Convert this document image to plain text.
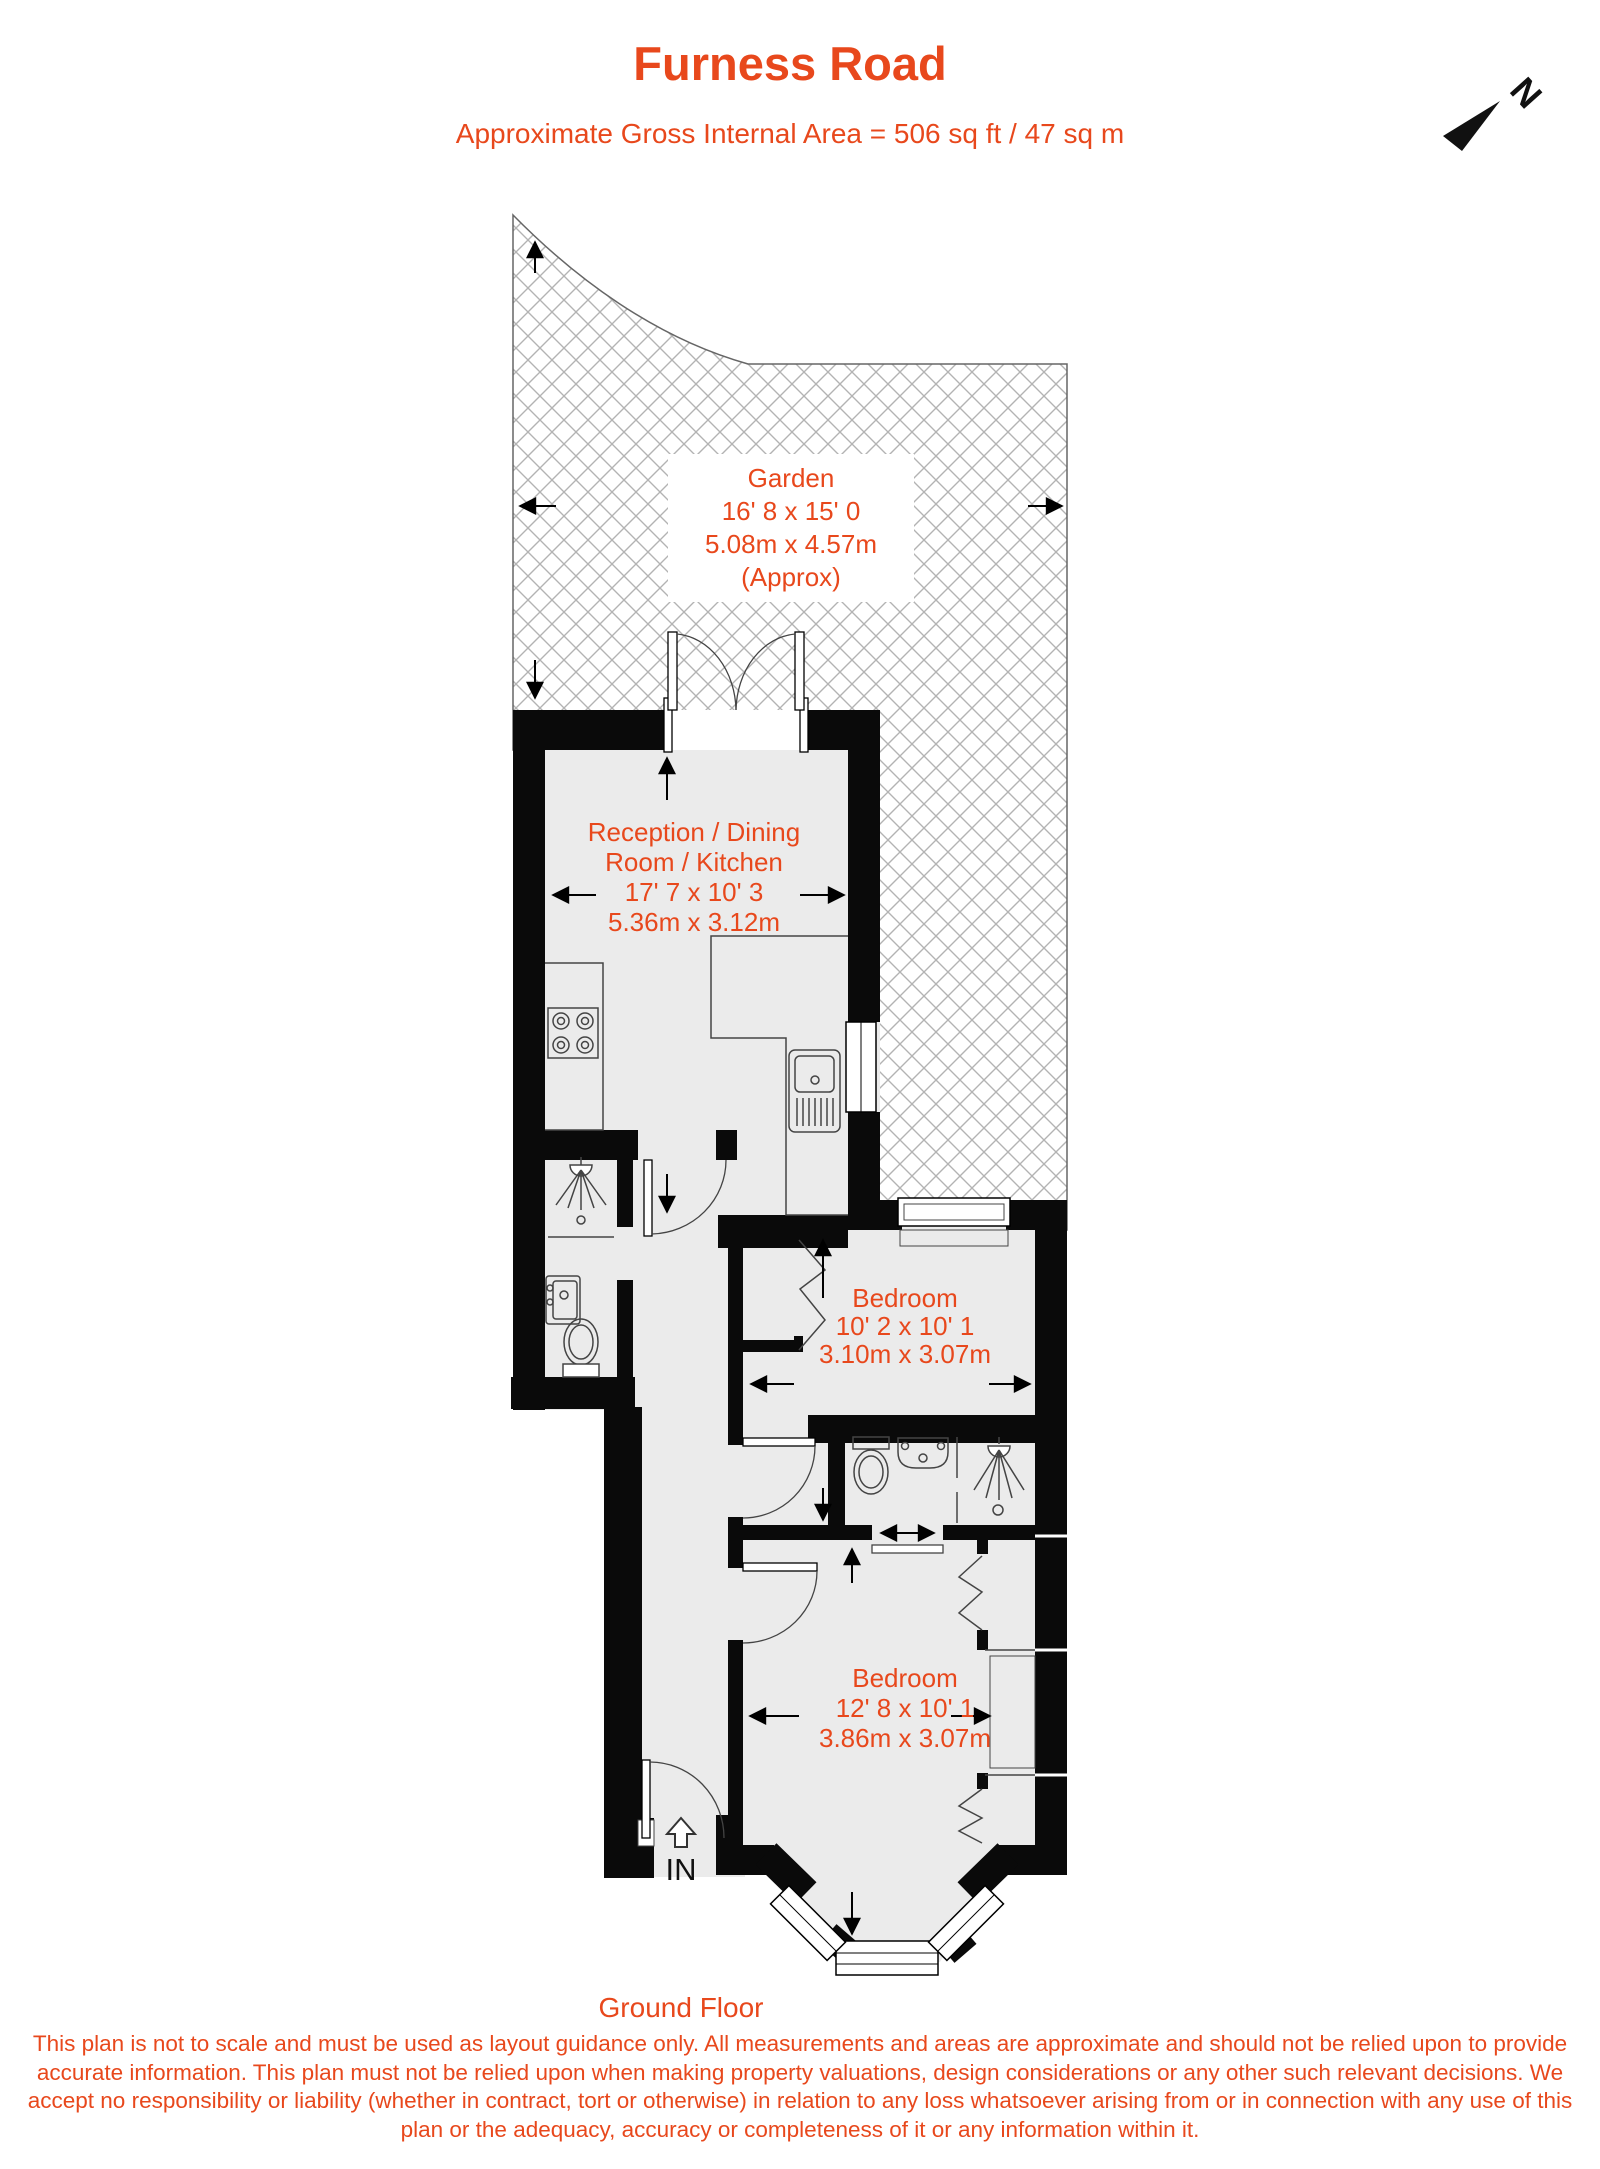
Furness Road
Approximate Gross Internal Area = 506 sq ft / 47 sq m
IN
Garden
16' 8 x 15' 0
5.08m x 4.57m
(Approx)
Reception / Dining
Room / Kitchen
17' 7 x 10' 3
5.36m x 3.12m
Bedroom
10' 2 x 10' 1
3.10m x 3.07m
Bedroom
12' 8 x 10' 1
3.86m x 3.07m
N
Ground Floor
This plan is not to scale and must be used as layout guidance only. All measurements and areas are approximate and should not be relied upon to provide accurate information. This plan must not be relied upon when making property valuations, design considerations or any other such relevant decisions. We accept no responsibility or liability (whether in contract, tort or otherwise) in relation to any loss whatsoever arising from or in connection with any use of this plan or the adequacy, accuracy or completeness of it or any information within it.
